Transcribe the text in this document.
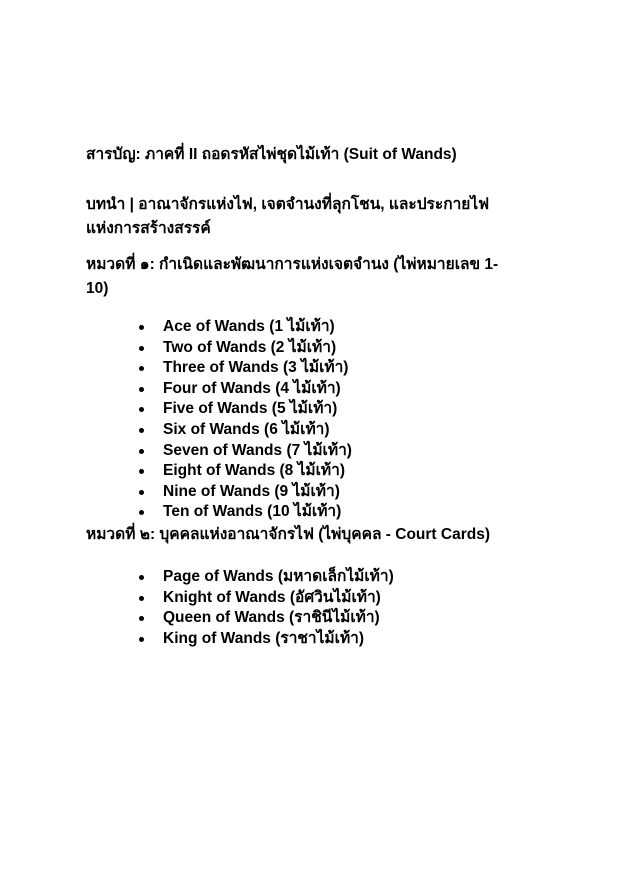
สารบัญ: ภาคที่ II ถอดรหัสไพ่ชุดไม้เท้า (Suit of Wands)
บทนำ | อาณาจักรแห่งไฟ, เจตจำนงที่ลุกโชน, และประกายไฟ
แห่งการสร้างสรรค์
หมวดที่ ๑: กำเนิดและพัฒนาการแห่งเจตจำนง (ไพ่หมายเลข 1-
10)
Ace of Wands (1 ไม้เท้า)
Two of Wands (2 ไม้เท้า)
Three of Wands (3 ไม้เท้า)
Four of Wands (4 ไม้เท้า)
Five of Wands (5 ไม้เท้า)
Six of Wands (6 ไม้เท้า)
Seven of Wands (7 ไม้เท้า)
Eight of Wands (8 ไม้เท้า)
Nine of Wands (9 ไม้เท้า)
Ten of Wands (10 ไม้เท้า)
หมวดที่ ๒: บุคคลแห่งอาณาจักรไฟ (ไพ่บุคคล - Court Cards)
Page of Wands (มหาดเล็กไม้เท้า)
Knight of Wands (อัศวินไม้เท้า)
Queen of Wands (ราชินีไม้เท้า)
King of Wands (ราชาไม้เท้า)
